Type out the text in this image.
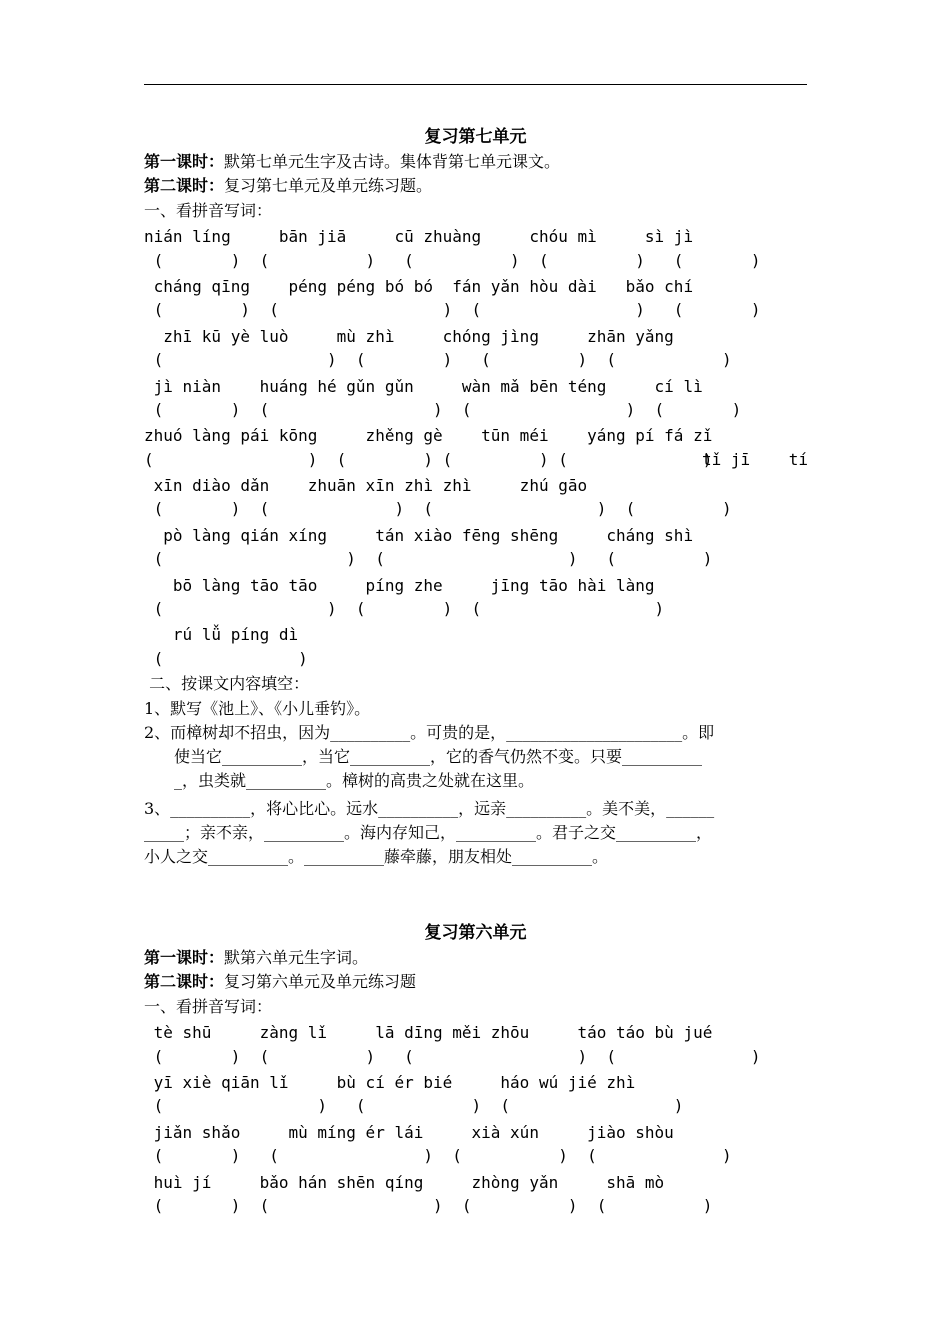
复习第七单元
第一课时：默第七单元生字及古诗。集体背第七单元课文。
第二课时：复习第七单元及单元练习题。
一、看拼音写词：
nián líng     bān jiā     cū zhuàng     chóu mì     sì jì
(       )  (          )   (          )  (         )   (       )
cháng qīng    péng péng bó bó  fán yǎn hòu dài   bǎo chí
(        )  (                 )  (                )   (       )
zhī kū yè luò     mù zhì     chóng jìng     zhān yǎng
(                 )  (        )   (         )  (           )
jì niàn    huáng hé gǔn gǔn     wàn mǎ bēn téng     cí lì
(       )  (                 )  (                )  (       )
zhuó làng pái kōng     zhěng gè    tūn méi    yáng pí fá zǐ
(                )  (        ) (         ) (              )
tǐ jī    tí
xīn diào dǎn    zhuān xīn zhì zhì     zhú gāo
(       )  (             )  (                 )  (         )
pò làng qián xíng     tán xiào fēng shēng     cháng shì
(                   )  (                   )   (         )
bō làng tāo tāo     píng zhe     jīng tāo hài làng
(                 )  (        )  (                  )
rú lǚ píng dì
(              )
二、按课文内容填空：
1、默写《池上》、《小儿垂钓》。
2、而樟树却不招虫，因为__________。可贵的是，______________________。即
使当它__________，当它__________，它的香气仍然不变。只要__________
_，虫类就__________。樟树的高贵之处就在这里。
3、__________，将心比心。远水__________，远亲__________。美不美，______
_____；亲不亲，__________。海内存知己，__________。君子之交__________，
小人之交__________。__________藤牵藤，朋友相处__________。
复习第六单元
第一课时：默第六单元生字词。
第二课时：复习第六单元及单元练习题
一、看拼音写词：
tè shū     zàng lǐ     lā dīng měi zhōu     táo táo bù jué
(       )  (          )   (                 )  (              )
yī xiè qiān lǐ     bù cí ér bié     háo wú jié zhì
(                )   (           )  (                 )
jiǎn shǎo     mù míng ér lái     xià xún     jiào shòu
(       )   (               )  (          )  (             )
huì jí     bǎo hán shēn qíng     zhòng yǎn     shā mò
(       )  (                 )  (          )  (          )
